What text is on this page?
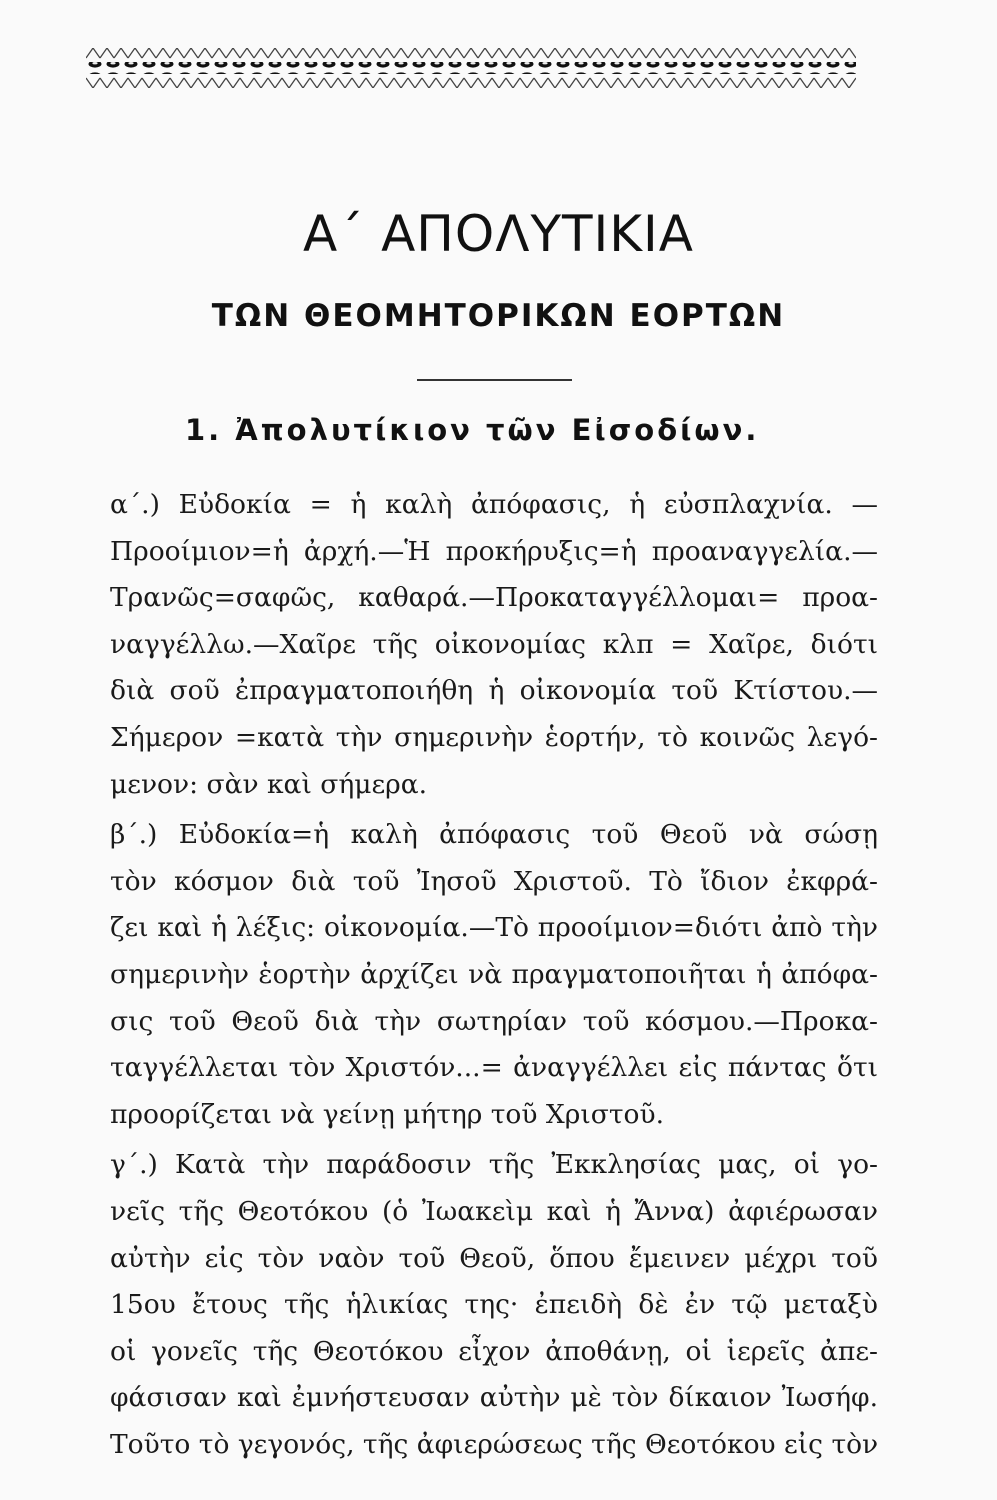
Α΄ ΑΠΟΛΥΤΙΚΙΑ
ΤΩΝ ΘΕΟΜΗΤΟΡΙΚΩΝ ΕΟΡΤΩΝ
1. Ἀπολυτίκιον τῶν Εἰσοδίων.
α΄.) Εὐδοκία = ἡ καλὴ ἀπόφασις, ἡ εὐσπλαχνία. —
Προοίμιον=ἡ ἀρχή.—Ἡ προκήρυξις=ἡ προαναγγελία.—
Τρανῶς=σαφῶς, καθαρά.—Προκαταγγέλλομαι= προα-
ναγγέλλω.—Χαῖρε τῆς οἰκονομίας κλπ = Χαῖρε, διότι
διὰ σοῦ ἐπραγματοποιήθη ἡ οἰκονομία τοῦ Κτίστου.—
Σήμερον =κατὰ τὴν σημερινὴν ἑορτήν, τὸ κοινῶς λεγό-
μενον: σὰν καὶ σήμερα.
β΄.) Εὐδοκία=ἡ καλὴ ἀπόφασις τοῦ Θεοῦ νὰ σώσῃ
τὸν κόσμον διὰ τοῦ Ἰησοῦ Χριστοῦ. Τὸ ἴδιον ἐκφρά-
ζει καὶ ἡ λέξις: οἰκονομία.—Τὸ προοίμιον=διότι ἀπὸ τὴν
σημερινὴν ἑορτὴν ἀρχίζει νὰ πραγματοποιῆται ἡ ἀπόφα-
σις τοῦ Θεοῦ διὰ τὴν σωτηρίαν τοῦ κόσμου.—Προκα-
ταγγέλλεται τὸν Χριστόν...= ἀναγγέλλει εἰς πάντας ὅτι
προορίζεται νὰ γείνῃ μήτηρ τοῦ Χριστοῦ.
γ΄.) Κατὰ τὴν παράδοσιν τῆς Ἐκκλησίας μας, οἱ γο-
νεῖς τῆς Θεοτόκου (ὁ Ἰωακεὶμ καὶ ἡ Ἄννα) ἀφιέρωσαν
αὐτὴν εἰς τὸν ναὸν τοῦ Θεοῦ, ὅπου ἔμεινεν μέχρι τοῦ
15ου ἔτους τῆς ἡλικίας της· ἐπειδὴ δὲ ἐν τῷ μεταξὺ
οἱ γονεῖς τῆς Θεοτόκου εἶχον ἀποθάνῃ, οἱ ἱερεῖς ἀπε-
φάσισαν καὶ ἐμνήστευσαν αὐτὴν μὲ τὸν δίκαιον Ἰωσήφ.
Τοῦτο τὸ γεγονός, τῆς ἀφιερώσεως τῆς Θεοτόκου εἰς τὸν
